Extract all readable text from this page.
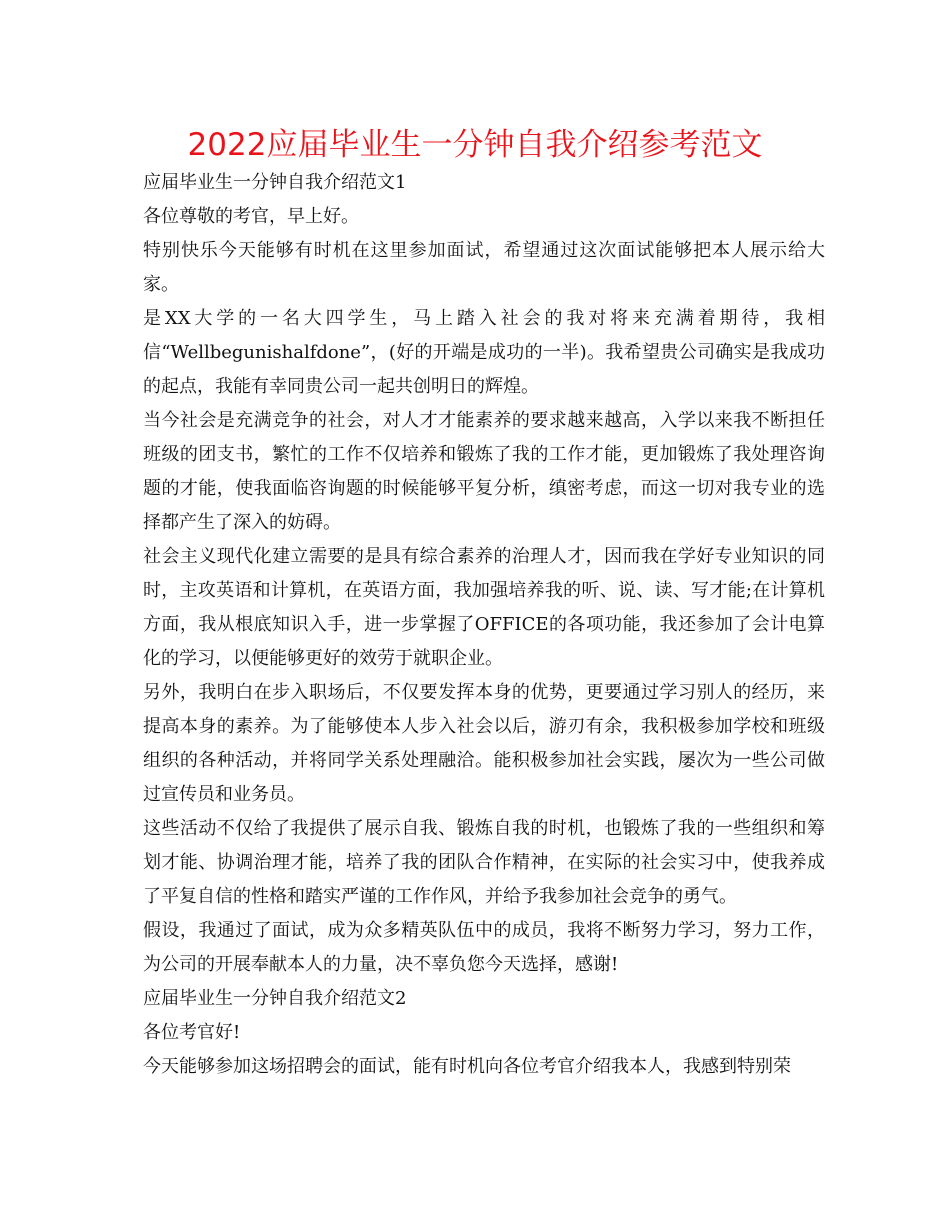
2022应届毕业生一分钟自我介绍参考范文

应届毕业生一分钟自我介绍范文1

各位尊敬的考官，早上好。

特别快乐今天能够有时机在这里参加面试，希望通过这次面试能够把本人展示给大家。

是XX大学的一名大四学生，马上踏入社会的我对将来充满着期待，我相信“Wellbegunishalfdone”，(好的开端是成功的一半)。我希望贵公司确实是我成功的起点，我能有幸同贵公司一起共创明日的辉煌。

当今社会是充满竞争的社会，对人才才能素养的要求越来越高，入学以来我不断担任班级的团支书，繁忙的工作不仅培养和锻炼了我的工作才能，更加锻炼了我处理咨询题的才能，使我面临咨询题的时候能够平复分析，缜密考虑，而这一切对我专业的选择都产生了深入的妨碍。

社会主义现代化建立需要的是具有综合素养的治理人才，因而我在学好专业知识的同时，主攻英语和计算机，在英语方面，我加强培养我的听、说、读、写才能;在计算机方面，我从根底知识入手，进一步掌握了OFFICE的各项功能，我还参加了会计电算化的学习，以便能够更好的效劳于就职企业。

另外，我明白在步入职场后，不仅要发挥本身的优势，更要通过学习别人的经历，来提高本身的素养。为了能够使本人步入社会以后，游刃有余，我积极参加学校和班级组织的各种活动，并将同学关系处理融洽。能积极参加社会实践，屡次为一些公司做过宣传员和业务员。

这些活动不仅给了我提供了展示自我、锻炼自我的时机，也锻炼了我的一些组织和筹划才能、协调治理才能，培养了我的团队合作精神，在实际的社会实习中，使我养成了平复自信的性格和踏实严谨的工作作风，并给予我参加社会竞争的勇气。

假设，我通过了面试，成为众多精英队伍中的成员，我将不断努力学习，努力工作，为公司的开展奉献本人的力量，决不辜负您今天选择，感谢!

应届毕业生一分钟自我介绍范文2

各位考官好!

今天能够参加这场招聘会的面试，能有时机向各位考官介绍我本人，我感到特别荣
